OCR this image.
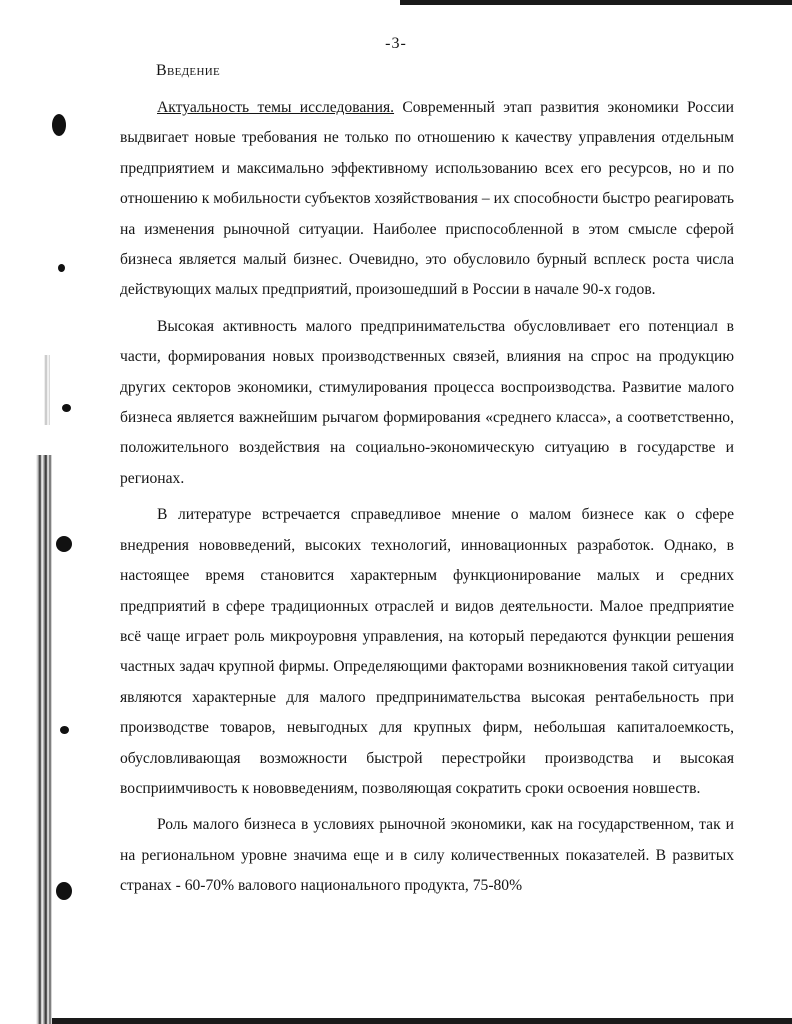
-3-
Введение

Актуальность темы исследования. Современный этап развития экономики России выдвигает новые требования не только по отношению к качеству управления отдельным предприятием и максимально эффективному использованию всех его ресурсов, но и по отношению к мобильности субъектов хозяйствования – их способности быстро реагировать на изменения рыночной ситуации. Наиболее приспособленной в этом смысле сферой бизнеса является малый бизнес. Очевидно, это обусловило бурный всплеск роста числа действующих малых предприятий, произошедший в России в начале 90-х годов.

Высокая активность малого предпринимательства обусловливает его потенциал в части, формирования новых производственных связей, влияния на спрос на продукцию других секторов экономики, стимулирования процесса воспроизводства. Развитие малого бизнеса является важнейшим рычагом формирования «среднего класса», а соответственно, положительного воздействия на социально-экономическую ситуацию в государстве и регионах.

В литературе встречается справедливое мнение о малом бизнесе как о сфере внедрения нововведений, высоких технологий, инновационных разработок. Однако, в настоящее время становится характерным функционирование малых и средних предприятий в сфере традиционных отраслей и видов деятельности. Малое предприятие всё чаще играет роль микроуровня управления, на который передаются функции решения частных задач крупной фирмы. Определяющими факторами возникновения такой ситуации являются характерные для малого предпринимательства высокая рентабельность при производстве товаров, невыгодных для крупных фирм, небольшая капиталоемкость, обусловливающая возможности быстрой перестройки производства и высокая восприимчивость к нововведениям, позволяющая сократить сроки освоения новшеств.

Роль малого бизнеса в условиях рыночной экономики, как на государственном, так и на региональном уровне значима еще и в силу количественных показателей. В развитых странах - 60-70% валового национального продукта, 75-80%
